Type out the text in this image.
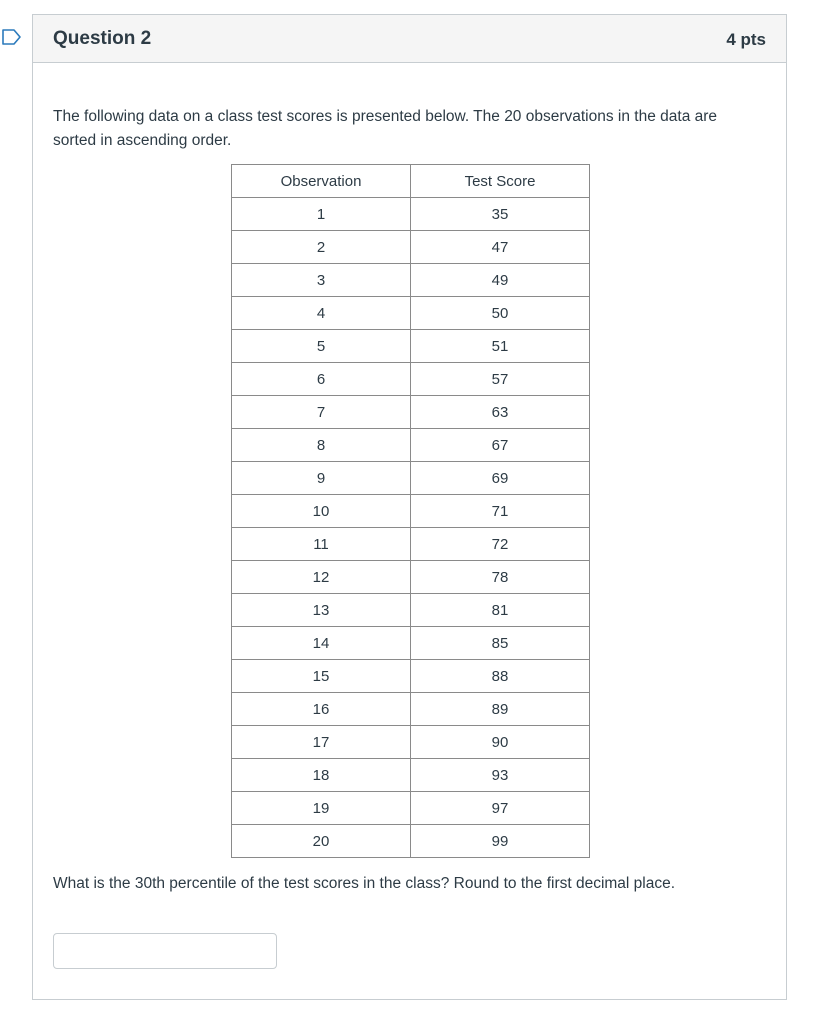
Question 2	4 pts
The following data on a class test scores is presented below. The 20 observations in the data are sorted in ascending order.
Observation	Test Score
1	35
2	47
3	49
4	50
5	51
6	57
7	63
8	67
9	69
10	71
11	72
12	78
13	81
14	85
15	88
16	89
17	90
18	93
19	97
20	99
What is the 30th percentile of the test scores in the class? Round to the first decimal place.
